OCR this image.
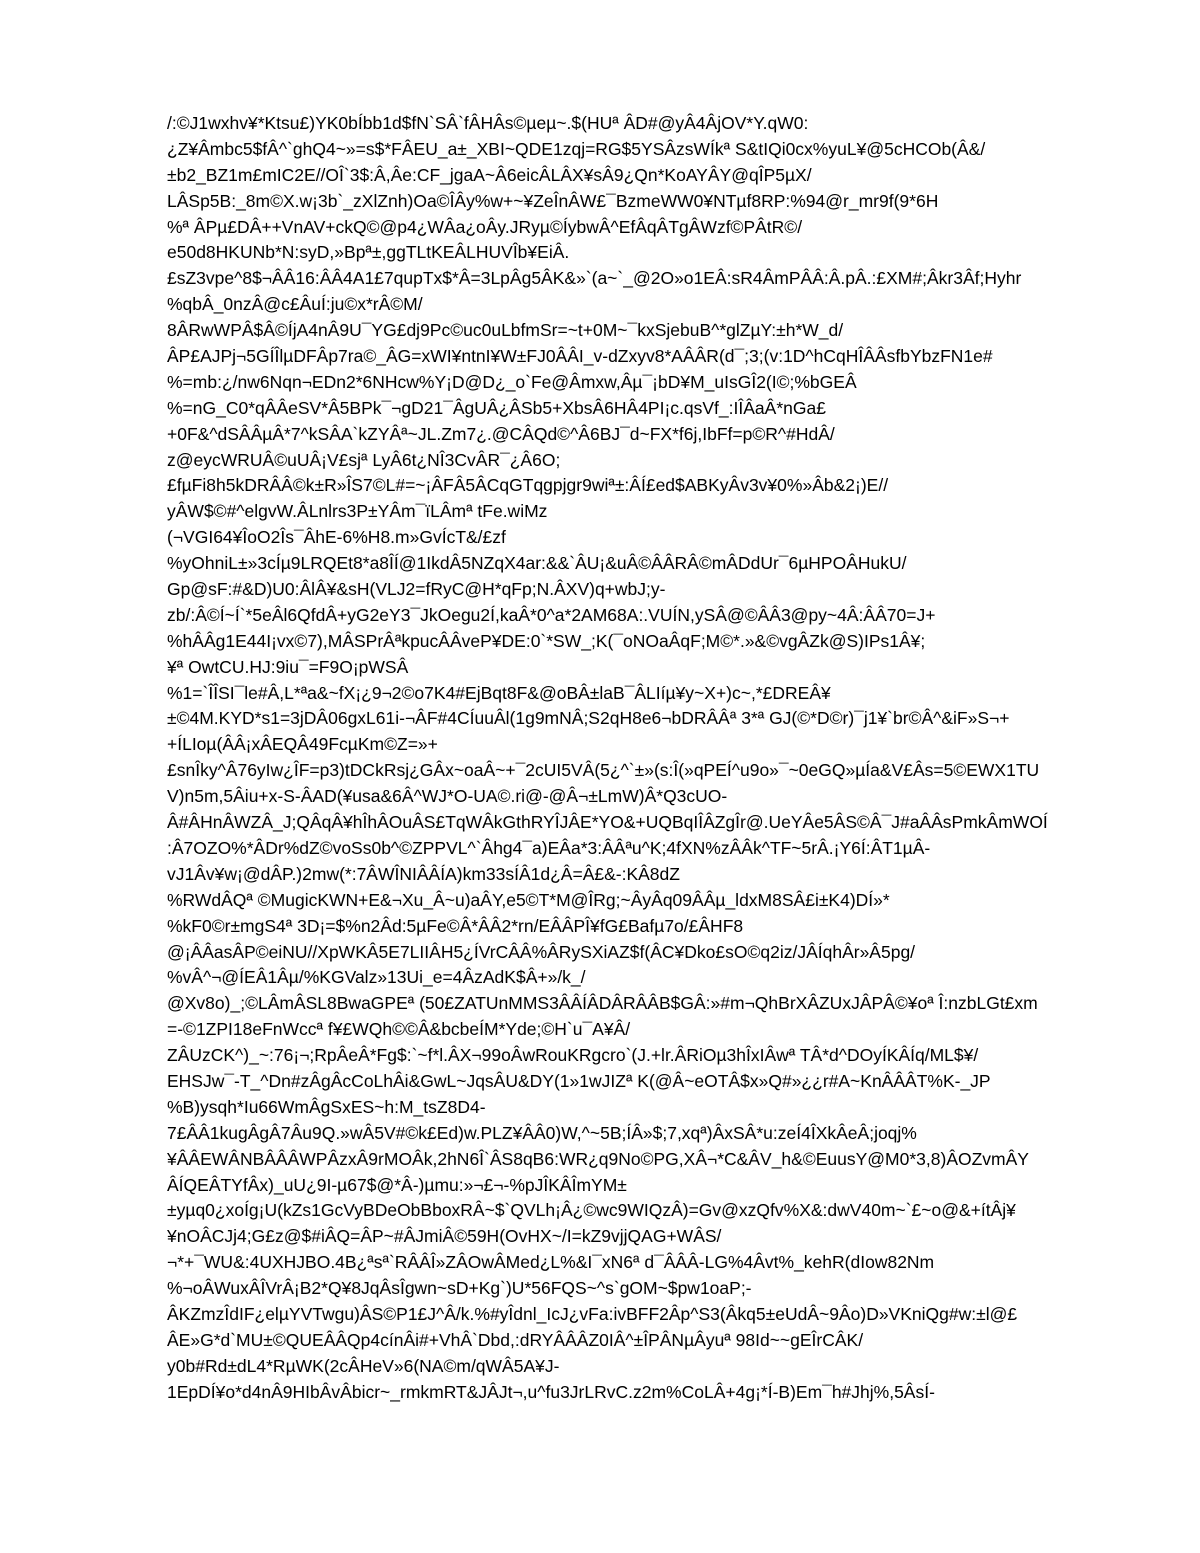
/:©J1wxhv¥*Ktsu£)YK0bÍbb1d$fN`SÂ`fÂHÂs©µeµ~.$(HUª ÂD#@yÂ4ÂjOV*Y.qW0:
¿Z¥Âmbc5$fÂ^`ghQ4~»=s$*FÂEU_a±_XBI~QDE1zqj=RG$5YSÂzsWÍkª S&tIQi0cx%yuL¥@5cHCOb(Â&/
±b2_BZ1m£mIC2E//OÎ`3$:Â,Âe:CF_jgaA~Â6eicÂLÂX¥sÂ9¿Qn*KoAYÂY@qÎP5µX/
LÂSp5B:_8m©X.w¡3b`_zXlZnh)Oa©ÎÂy%w+~¥ZeÎnÂW£¯BzmeWW0¥NTµf8RP:%94@r_mr9f(9*6H
%ª ÂPµ£DÂ++VnAV+ckQ©@p4¿WÂa¿oÂy.JRyµ©ÍybwÂ^EfÂqÂTgÂWzf©PÂtR©/
e50d8HKUNb*N:syD,»Bpª±,ggTLtKEÂLHUVÎb¥EiÂ.
£sZ3vpe^8$¬ÂÂ16:ÂÂ4A1£7qupTx$*Â=3LpÂg5ÂK&»`(a~`_@2O»o1EÂ:sR4ÂmPÂÂ:Â.pÂ.:£XM#;Âkr3Âf;Hyhr
%qbÂ_0nzÂ@c£ÂuÍ:ju©x*rÂ©M/
8ÂRwWPÂ$Â©ÍjA4nÂ9U¯YG£dj9Pc©uc0uLbfmSr=~t+0M~¯kxSjebuB^*glZµY:±h*W_d/
ÂP£AJPj¬5GÍÎlµDFÂp7ra©_ÂG=xWI¥ntnI¥W±FJ0ÂÂI_v-dZxyv8*AÂÂR(d¯;3;(v:1D^hCqHÎÂÂsfbYbzFN1e#
%=mb:¿/nw6Nqn¬EDn2*6NHcw%Y¡D@D¿_o`Fe@Âmxw,Âµ¯¡bD¥M_uIsGÎ2(I©;%bGEÂ
%=nG_C0*qÂÂeSV*Â5BPk¯¬gD21¯ÂgUÂ¿ÂSb5+XbsÂ6HÂ4PI¡c.qsVf_:IÎÂaÂ*nGa£
+0F&^dSÂÂµÂ*7^kSÂA`kZYÂª~JL.Zm7¿.@CÂQd©^Â6BJ¯d~FX*f6j,IbFf=p©R^#HdÂ/
z@eycWRUÂ©uUÂ¡V£sjª LyÂ6t¿NÎ3CvÂR¯¿Â6O;
£fµFi8h5kDRÂÂ©k±R»ÎS7©L#=~¡ÂFÂ5ÂCqGTqgpjgr9wiª±:ÂÍ£ed$ABKyÂv3v¥0%»Âb&2¡)E//
yÂW$©#^elgvW.ÂLnlrs3P±YÂm¯ïLÂmª tFe.wiMz
(¬VGI64¥ÎoO2Îs¯ÂhE-6%H8.m»GvÍcT&/£zf
%yOhniL±»3cÍµ9LRQEt8*a8ÎÍ@1IkdÂ5NZqX4ar:&&`ÂU¡&uÂ©ÂÂRÂ©mÂDdUr¯6µHPOÂHukU/
Gp@sF:#&D)U0:ÂlÂ¥&sH(VLJ2=fRyC@H*qFp;N.ÂXV)q+wbJ;y-
zb/:Â©Í~Í`*5eÂl6QfdÂ+yG2eY3¯JkOegu2Í,kaÂ*0^a*2AM68A:.VUÍN,ySÂ@©ÂÂ3@py~4Â:ÂÂ70=J+
%hÂÂg1E44I¡vx©7),MÂSPrÂªkpucÂÂveP¥DE:0`*SW_;K(¯oNOaÂqF;M©*.»&©vgÂZk@S)IPs1Â¥;
¥ª OwtCU.HJ:9iu¯=F9O¡pWSÂ
%1=`ÎÎSI¯le#Â,L*ªa&~fX¡¿9¬2©o7K4#EjBqt8F&@oBÂ±laB¯ÂLIíµ¥y~X+)c~,*£DREÂ¥
±©4M.KYD*s1=3jDÂ06gxL61i-¬ÂF#4CÍuuÂl(1g9mNÂ;S2qH8e6¬bDRÂÂª 3*ª GJ(©*D©r)¯j1¥`br©Â^&iF»S¬+
+ÍLIoµ(ÂÂ¡xÂEQÂ49FcµKm©Z=»+
£snÎky^Â76yIw¿ÎF=p3)tDCkRsj¿GÂx~oaÂ~+¯2cUI5VÂ(5¿^`±»(s:Î(»qPEÍ^u9o»¯~0eGQ»µÍa&V£Âs=5©EWX1TU
V)n5m,5Âiu+x-S-ÂAD(¥usa&6Â^WJ*O-UA©.ri@-@Â¬±LmW)Â*Q3cUO-
Â#ÂHnÂWZÂ_J;QÂqÂ¥hÎhÂOuÂS£TqWÂkGthRYÎJÂE*YO&+UQBqIÎÂZgÎr@.UeYÂe5ÂS©Â¯J#aÂÂsPmkÂmWOÍ
:Â7OZO%*ÂDr%dZ©voSs0b^©ZPPVL^`Âhg4¯a)EÂa*3:ÂÂªu^K;4fXN%zÂÂk^TF~5rÂ.¡Y6Í:ÂT1µÂ-
vJ1Âv¥w¡@dÂP.)2mw(*:7ÂWÎNIÂÂÍA)km33sÍÂ1d¿Â=Â£&-:KÂ8dZ
%RWdÂQª ©MugicKWN+E&¬Xu_Â~u)aÂY,e5©T*M@ÎRg;~ÂyÂq09ÂÂµ_ldxM8SÂ£i±K4)DÍ»*
%kF0©r±mgS4ª 3D¡=$%n2Âd:5µFe©Â*ÂÂ2*rn/EÂÂPÎ¥fG£Bafµ7o/£ÂHF8
@¡ÂÂasÂP©eiNU//XpWKÂ5E7LIIÂH5¿ÍVrCÂÂ%ÂRySXiAZ$f(ÂC¥Dko£sO©q2iz/JÂÍqhÂr»Â5pg/
%vÂ^¬@ÍEÂ1Âµ/%KGValz»13Ui_e=4ÂzAdK$Â+»/k_/
@Xv8o)_;©LÂmÂSL8BwaGPEª (50£ZATUnMMS3ÂÂÍÂDÂRÂÂB$GÂ:»#m¬QhBrXÂZUxJÂPÂ©¥oª Î:nzbLGt£xm
=-©1ZPI18eFnWccª f¥£WQh©©Â&bcbeÍM*Yde;©H`u¯A¥Â/
ZÂUzCK^)_~:76¡¬;RpÂeÂ*Fg$:`~f*l.ÂX¬99oÂwRouKRgcro`(J.+lr.ÂRiOµ3hÎxIÂwª TÂ*d^DOyÍKÂÍq/ML$¥/
EHSJw¯-T_^Dn#zÂgÂcCoLhÂi&GwL~JqsÂU&DY(1»1wJIZª K(@Â~eOTÂ$x»Q#»¿¿r#A~KnÂÂÂT%K-_JP
%B)ysqh*Iu66WmÂgSxES~h:M_tsZ8D4-
7£ÂÂ1kugÂgÂ7Âu9Q.»wÂ5V#©k£Ed)w.PLZ¥ÂÂ0)W,^~5B;ÍÂ»$;7,xqª)ÂxSÂ*u:zeÍ4ÎXkÂeÂ;joqj%
¥ÂÂEWÂNBÂÂÂWPÂzxÂ9rMOÂk,2hN6Î`ÂS8qB6:WR¿q9No©PG,XÂ¬*C&ÂV_h&©EuusY@M0*3,8)ÂOZvmÂY
ÂÍQEÂTYfÂx)_uU¿9I-µ67$@*Â-)µmu:»¬£¬-%pJÎKÂÎmYM±
±yµq0¿xoÍg¡U(kZs1GcVyBDeObBboxRÂ~$`QVLh¡Â¿©wc9WIQzÂ)=Gv@xzQfv%X&:dwV40m~`£~o@&+ítÂj¥
¥nOÂCJj4;G£z@$#iÂQ=ÂP~#ÂJmiÂ©59H(OvHX~/I=kZ9vjjQAG+WÂS/
¬*+¯WU&:4UXHJBO.4B¿ªsª`RÂÂÎ»ZÂOwÂMed¿L%&I¯xN6ª d¯ÂÂÂ-LG%4Âvt%_kehR(dIow82Nm
%¬oÂWuxÂÎVrÂ¡B2*Q¥8JqÂsÎgwn~sD+Kg`)U*56FQS~^s`gOM~$pw1oaP;-
ÂKZmzÎdIF¿elµYVTwgu)ÂS©P1£J^Â/k.%#yÎdnl_IcJ¿vFa:ivBFF2Âp^S3(Âkq5±eUdÂ~9Âo)D»VKniQg#w:±l@£
ÂE»G*d`MU±©QUEÂÂQp4cínÂi#+VhÂ`Dbd,:dRYÂÂÂZ0IÂ^±ÎPÂNµÂyuª 98Id~~gEÎrCÂK/
y0b#Rd±dL4*RµWK(2cÂHeV»6(NA©m/qWÂ5A¥J-
1EpDÍ¥o*d4nÂ9HIbÂvÂbicr~_rmkmRT&JÂJt¬,u^fu3JrLRvC.z2m%CoLÂ+4g¡*Í-B)Em¯h#Jhj%,5ÂsÍ-
